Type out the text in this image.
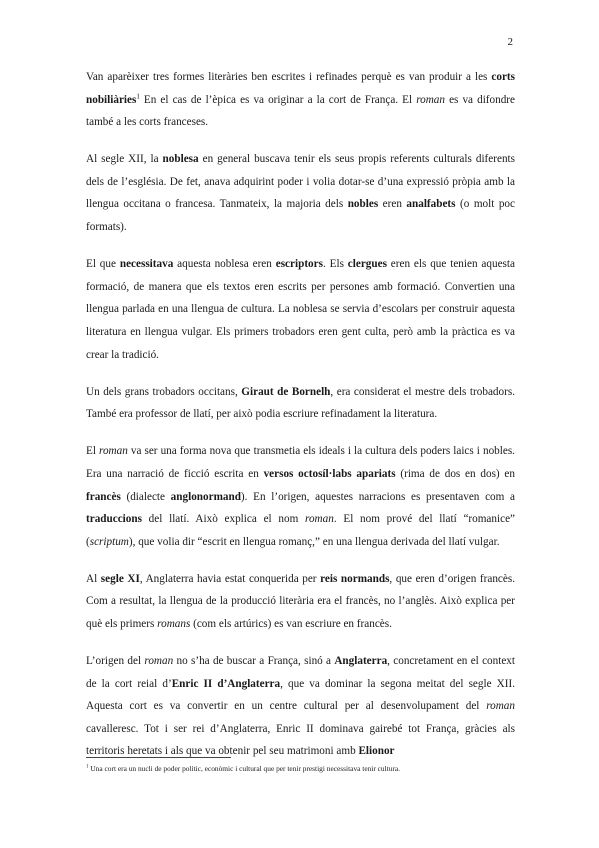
2

Van aparèixer tres formes literàries ben escrites i refinades perquè es van produir a les corts nobiliàries$^1$ En el cas de l’èpica es va originar a la cort de França. El roman es va difondre també a les corts franceses.

Al segle XII, la noblesa en general buscava tenir els seus propis referents culturals diferents dels de l’església. De fet, anava adquirint poder i volia dotar-se d’una expressió pròpia amb la llengua occitana o francesa. Tanmateix, la majoria dels nobles eren analfabets (o molt poc formats).

El que necessitava aquesta noblesa eren escriptors. Els clergues eren els que tenien aquesta formació, de manera que els textos eren escrits per persones amb formació. Convertien una llengua parlada en una llengua de cultura. La noblesa se servia d’escolars per construir aquesta literatura en llengua vulgar. Els primers trobadors eren gent culta, però amb la pràctica es va crear la tradició.

Un dels grans trobadors occitans, Giraut de Bornelh, era considerat el mestre dels trobadors. També era professor de llatí, per això podia escriure refinadament la literatura.

El roman va ser una forma nova que transmetia els ideals i la cultura dels poders laics i nobles. Era una narració de ficció escrita en versos octosíl·labs apariats (rima de dos en dos) en francès (dialecte anglonormand). En l’origen, aquestes narracions es presentaven com a traduccions del llatí. Això explica el nom roman. El nom prové del llatí “romanice” (scriptum), que volia dir “escrit en llengua romanç,” en una llengua derivada del llatí vulgar.

Al segle XI, Anglaterra havia estat conquerida per reis normands, que eren d’origen francès. Com a resultat, la llengua de la producció literària era el francès, no l’anglès. Això explica per què els primers romans (com els artúrics) es van escriure en francès.

L’origen del roman no s’ha de buscar a França, sinó a Anglaterra, concretament en el context de la cort reial d’Enric II d’Anglaterra, que va dominar la segona meitat del segle XII. Aquesta cort es va convertir en un centre cultural per al desenvolupament del roman cavalleresc. Tot i ser rei d’Anglaterra, Enric II dominava gairebé tot França, gràcies als territoris heretats i als que va obtenir pel seu matrimoni amb Elionor

$^1$ Una cort era un nucli de poder polític, econòmic i cultural que per tenir prestigi necessitava tenir cultura.
